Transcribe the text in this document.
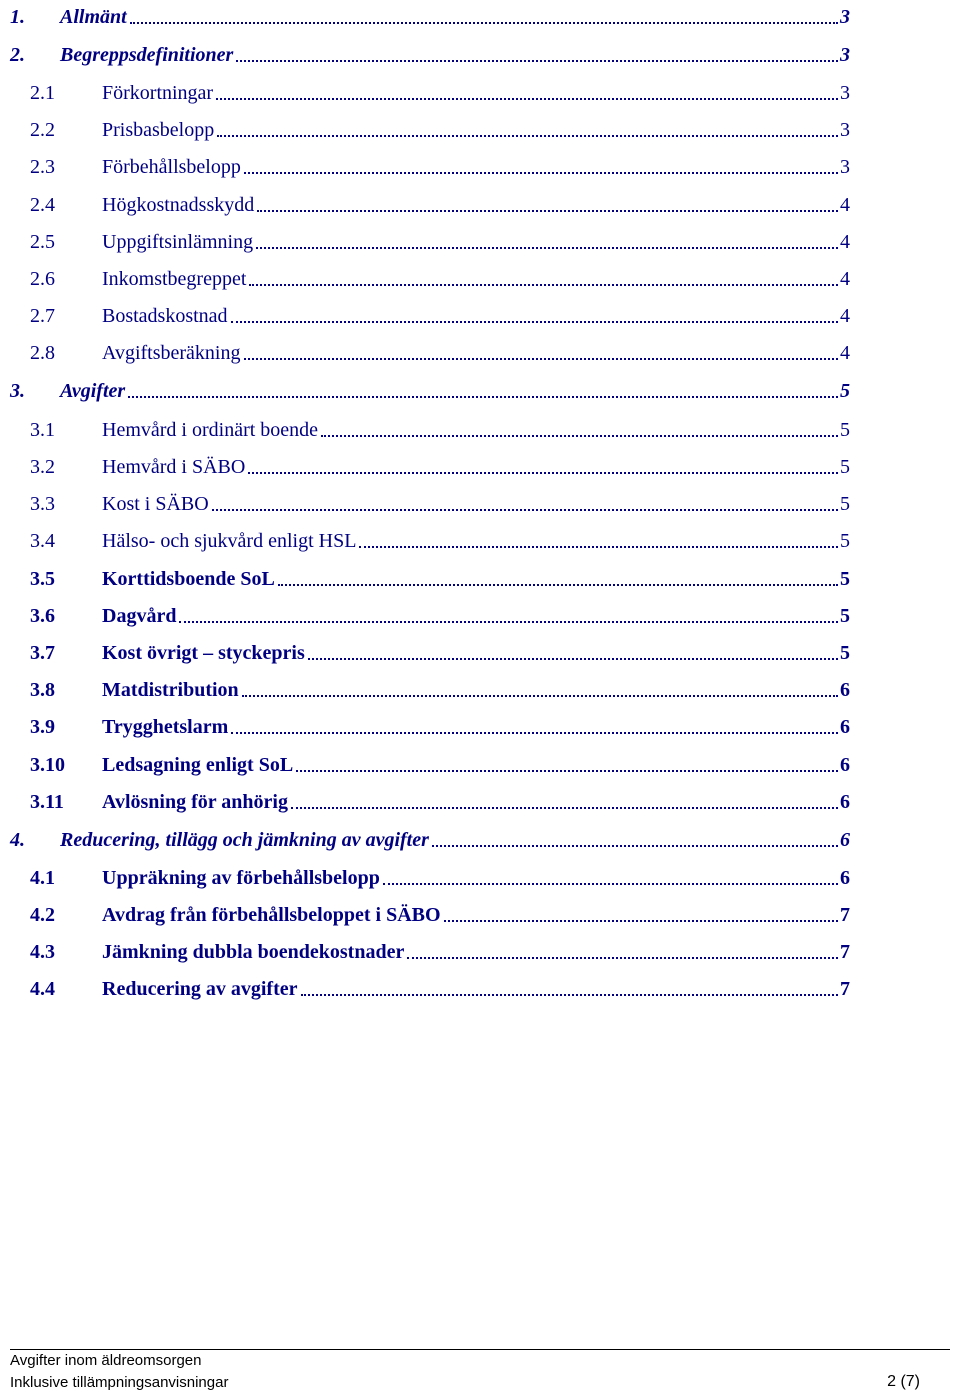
1.	Allmänt	3
2.	Begreppsdefinitioner	3
2.1	Förkortningar	3
2.2	Prisbasbelopp	3
2.3	Förbehållsbelopp	3
2.4	Högkostnadsskydd	4
2.5	Uppgiftsinlämning	4
2.6	Inkomstbegreppet	4
2.7	Bostadskostnad	4
2.8	Avgiftsberäkning	4
3.	Avgifter	5
3.1	Hemvård i ordinärt boende	5
3.2	Hemvård i SÄBO	5
3.3	Kost i SÄBO	5
3.4	Hälso- och sjukvård enligt HSL	5
3.5	Korttidsboende SoL	5
3.6	Dagvård	5
3.7	Kost övrigt – styckepris	5
3.8	Matdistribution	6
3.9	Trygghetslarm	6
3.10	Ledsagning enligt SoL	6
3.11	Avlösning för anhörig	6
4.	Reducering, tillägg och jämkning av avgifter	6
4.1	Uppräkning av förbehållsbelopp	6
4.2	Avdrag från förbehållsbeloppet i SÄBO	7
4.3	Jämkning dubbla boendekostnader	7
4.4	Reducering av avgifter	7
Avgifter inom äldreomsorgen
Inklusive tillämpningsanvisningar	2 (7)
